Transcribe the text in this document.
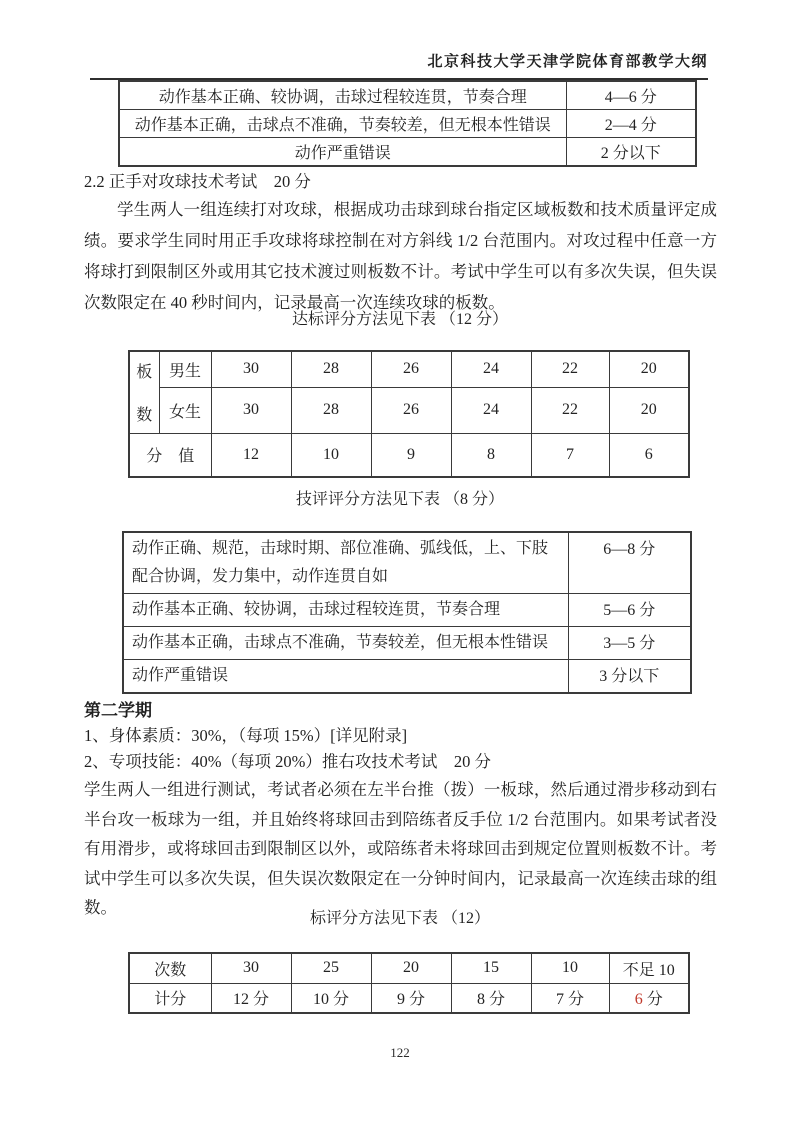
北京科技大学天津学院体育部教学大纲
动作基本正确、较协调，击球过程较连贯，节奏合理	4—6 分
动作基本正确，击球点不准确，节奏较差，但无根本性错误	2—4 分
动作严重错误	2 分以下
2.2 正手对攻球技术考试　20 分
学生两人一组连续打对攻球，根据成功击球到球台指定区域板数和技术质量评定成绩。要求学生同时用正手攻球将球控制在对方斜线 1/2 台范围内。对攻过程中任意一方将球打到限制区外或用其它技术渡过则板数不计。考试中学生可以有多次失误，但失误次数限定在 40 秒时间内，记录最高一次连续攻球的板数。
达标评分方法见下表 （12 分）
板
数	男生	30	28	26	24	22	20
	女生	30	28	26	24	22	20
分　值		12	10	9	8	7	6
技评评分方法见下表 （8 分）
动作正确、规范，击球时期、部位准确、弧线低，上、下肢配合协调，发力集中，动作连贯自如	6—8 分
动作基本正确、较协调，击球过程较连贯，节奏合理	5—6 分
动作基本正确，击球点不准确，节奏较差，但无根本性错误	3—5 分
动作严重错误	3 分以下
第二学期
1、身体素质：30%，（每项 15%）[详见附录]
2、专项技能：40%（每项 20%）推右攻技术考试　20 分
学生两人一组进行测试，考试者必须在左半台推（拨）一板球，然后通过滑步移动到右半台攻一板球为一组，并且始终将球回击到陪练者反手位 1/2 台范围内。如果考试者没有用滑步，或将球回击到限制区以外，或陪练者未将球回击到规定位置则板数不计。考试中学生可以多次失误，但失误次数限定在一分钟时间内，记录最高一次连续击球的组数。
标评分方法见下表 （12）
次数	30	25	20	15	10	不足 10
计分	12 分	10 分	9 分	8 分	7 分	6 分
122
